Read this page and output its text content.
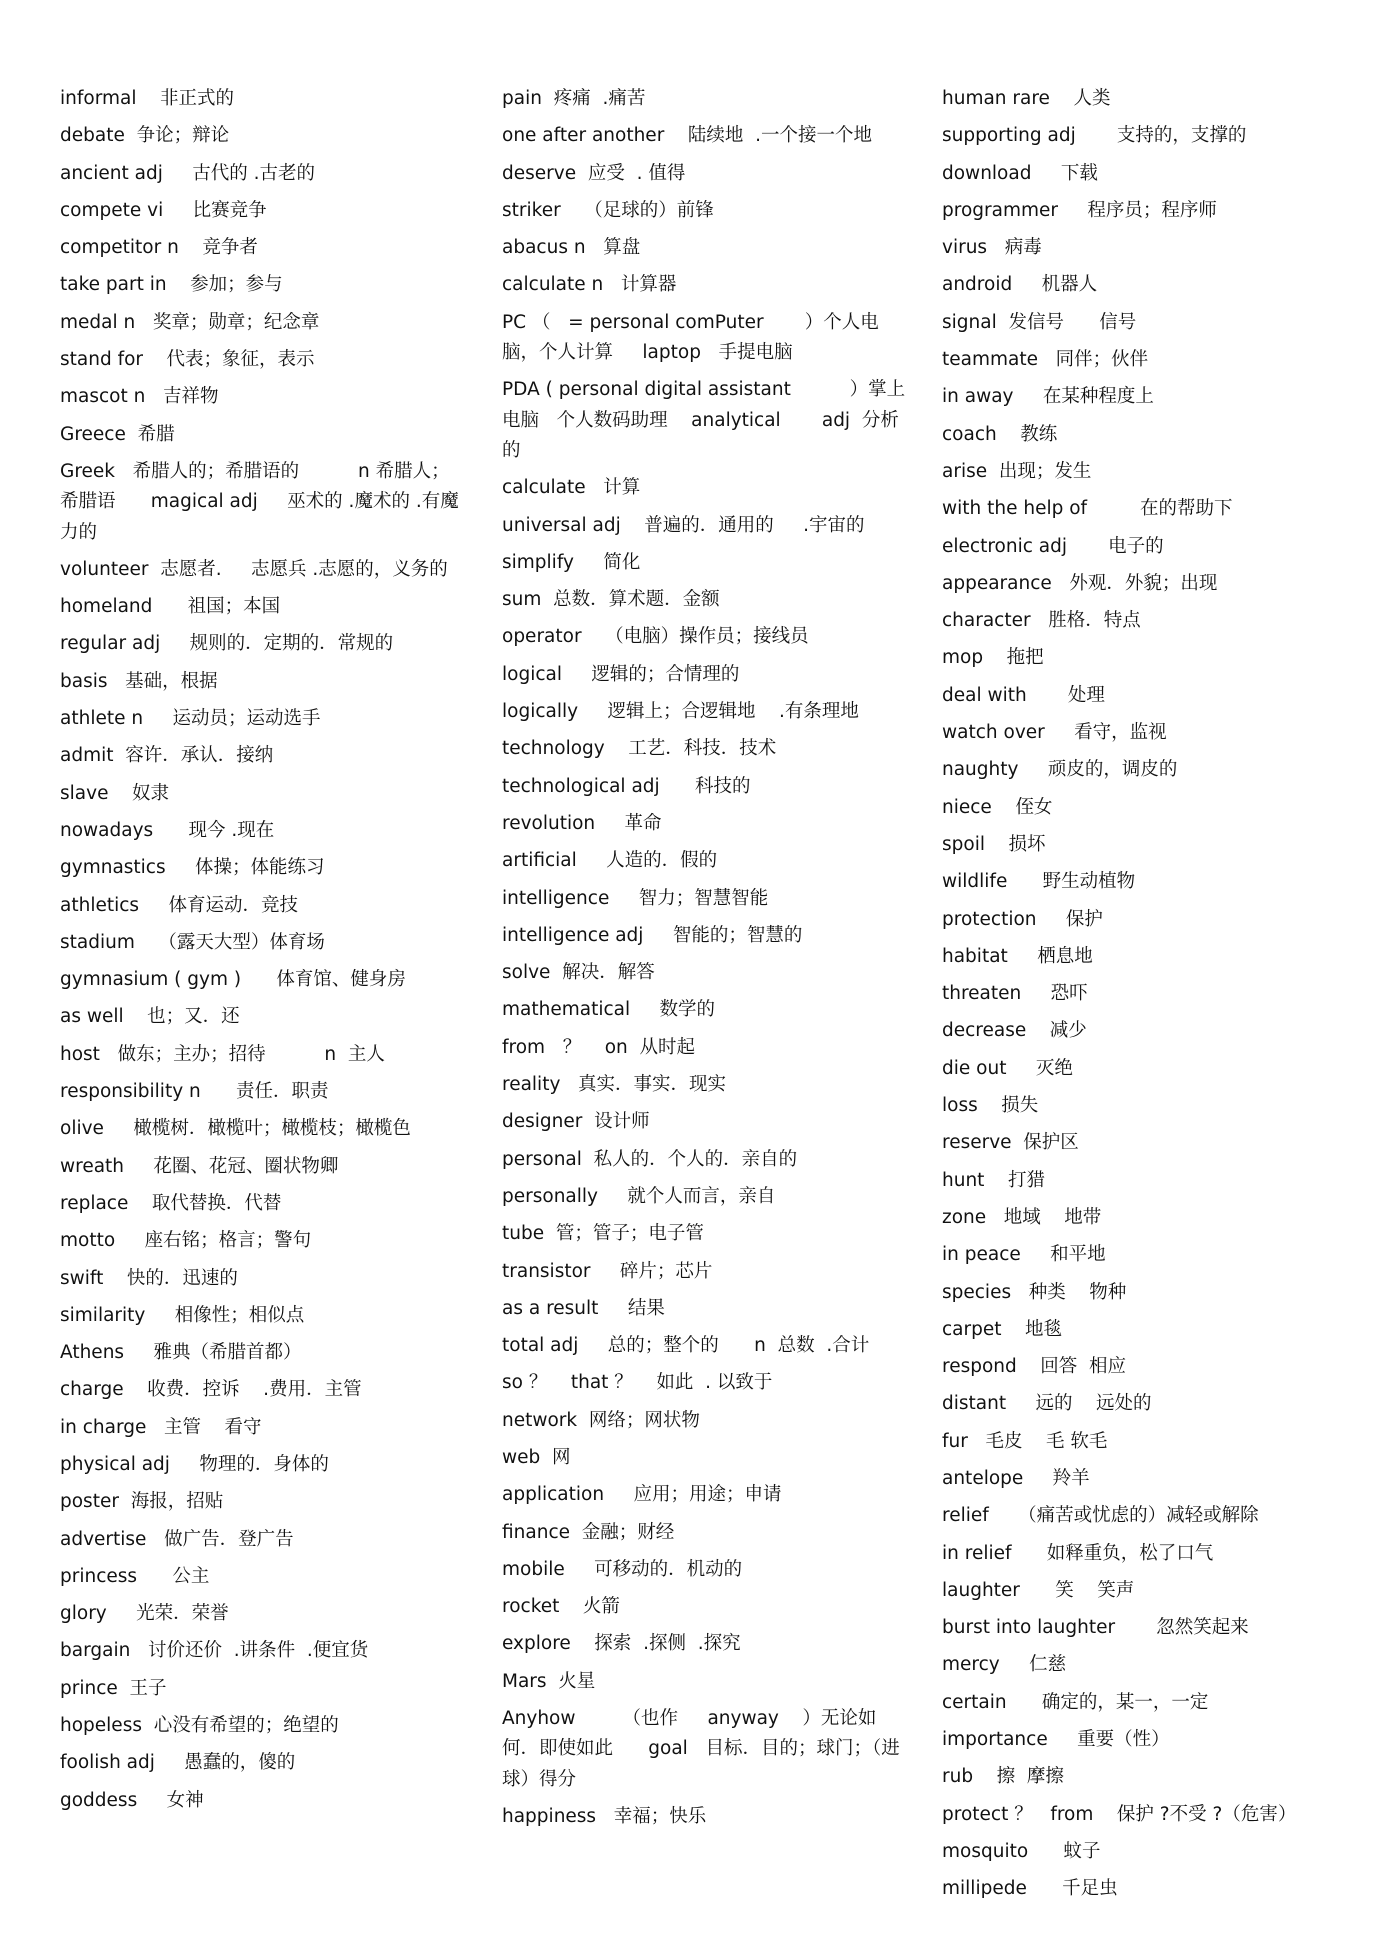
informal    非正式的
debate  争论；辩论
ancient adj     古代的 .古老的
compete vi     比赛竞争
competitor n    竞争者
take part in    参加；参与
medal n   奖章；勋章；纪念章
stand for    代表；象征，表示
mascot n   吉祥物
Greece  希腊
Greek   希腊人的；希腊语的          n 希腊人；希腊语      magical adj     巫术的 .魔术的 .有魔力的
volunteer  志愿者.     志愿兵 .志愿的，义务的
homeland      祖国；本国
regular adj     规则的．定期的．常规的
basis   基础，根据
athlete n     运动员；运动选手
admit  容许．承认．接纳
slave    奴隶
nowadays      现今 .现在
gymnastics     体操；体能练习
athletics     体育运动．竞技
stadium    （露天大型）体育场
gymnasium ( gym )      体育馆、健身房
as well    也；又．还
host   做东；主办；招待          n  主人
responsibility n      责任．职责
olive     橄榄树．橄榄叶；橄榄枝；橄榄色
wreath     花圈、花冠、圈状物卿
replace    取代替换．代替
motto     座右铭；格言；警句
swift    快的．迅速的
similarity     相像性；相似点
Athens     雅典（希腊首都）
charge    收费．控诉    .费用．主管
in charge   主管    看守
physical adj     物理的．身体的
poster  海报，招贴
advertise   做广告．登广告
princess      公主
glory     光荣．荣誉
bargain   讨价还价  .讲条件  .便宜货
prince  王子
hopeless  心没有希望的；绝望的
foolish adj     愚蠢的，傻的
goddess     女神
pain  疼痛  .痛苦
one after another    陆续地  .一个接一个地
deserve  应受  . 值得
striker    （足球的）前锋
abacus n   算盘
calculate n   计算器
PC （   = personal comPuter       ）个人电脑，个人计算     laptop   手提电脑
PDA ( personal digital assistant          ）掌上电脑   个人数码助理    analytical       adj  分析的
calculate   计算
universal adj    普遍的．通用的     .宇宙的
simplify     简化
sum  总数．算术题．金额
operator    （电脑）操作员；接线员
logical     逻辑的；合情理的
logically     逻辑上；合逻辑地    .有条理地
technology    工艺．科技．技术
technological adj      科技的
revolution     革命
artificial     人造的．假的
intelligence     智力；智慧智能
intelligence adj     智能的；智慧的
solve  解决．解答
mathematical     数学的
from   ？    on  从时起
reality   真实．事实．现实
designer  设计师
personal  私人的．个人的．亲自的
personally     就个人而言，亲自
tube  管；管子；电子管
transistor     碎片；芯片
as a result     结果
total adj     总的；整个的      n  总数  .合计
so ？    that ？    如此  . 以致于
network  网络；网状物
web  网
application     应用；用途；申请
finance  金融；财经
mobile     可移动的．机动的
rocket    火箭
explore    探索  .探侧  .探究
Mars  火星
Anyhow        （也作     anyway    ）无论如何．即使如此      goal   目标．目的；球门；（进球）得分
happiness   幸福；快乐
human rare    人类
supporting adj       支持的，支撑的
download     下载
programmer     程序员；程序师
virus   病毒
android     机器人
signal  发信号      信号
teammate   同伴；伙伴
in away     在某种程度上
coach    教练
arise  出现；发生
with the help of         在的帮助下
electronic adj       电子的
appearance   外观．外貌；出现
character   胜格．特点
mop    拖把
deal with       处理
watch over     看守，监视
naughty     顽皮的，调皮的
niece    侄女
spoil    损坏
wildlife      野生动植物
protection     保护
habitat     栖息地
threaten     恐吓
decrease    减少
die out     灭绝
loss    损失
reserve  保护区
hunt    打猎
zone   地域    地带
in peace     和平地
species   种类    物种
carpet    地毯
respond    回答  相应
distant     远的    远处的
fur   毛皮    毛 软毛
antelope     羚羊
relief     （痛苦或忧虑的）减轻或解除
in relief      如释重负，松了口气
laughter      笑    笑声
burst into laughter       忽然笑起来
mercy     仁慈
certain      确定的，某一，一定
importance     重要（性）
rub    擦  摩擦
protect ？   from    保护 ?不受 ?（危害）
mosquito      蚊子
millipede      千足虫
